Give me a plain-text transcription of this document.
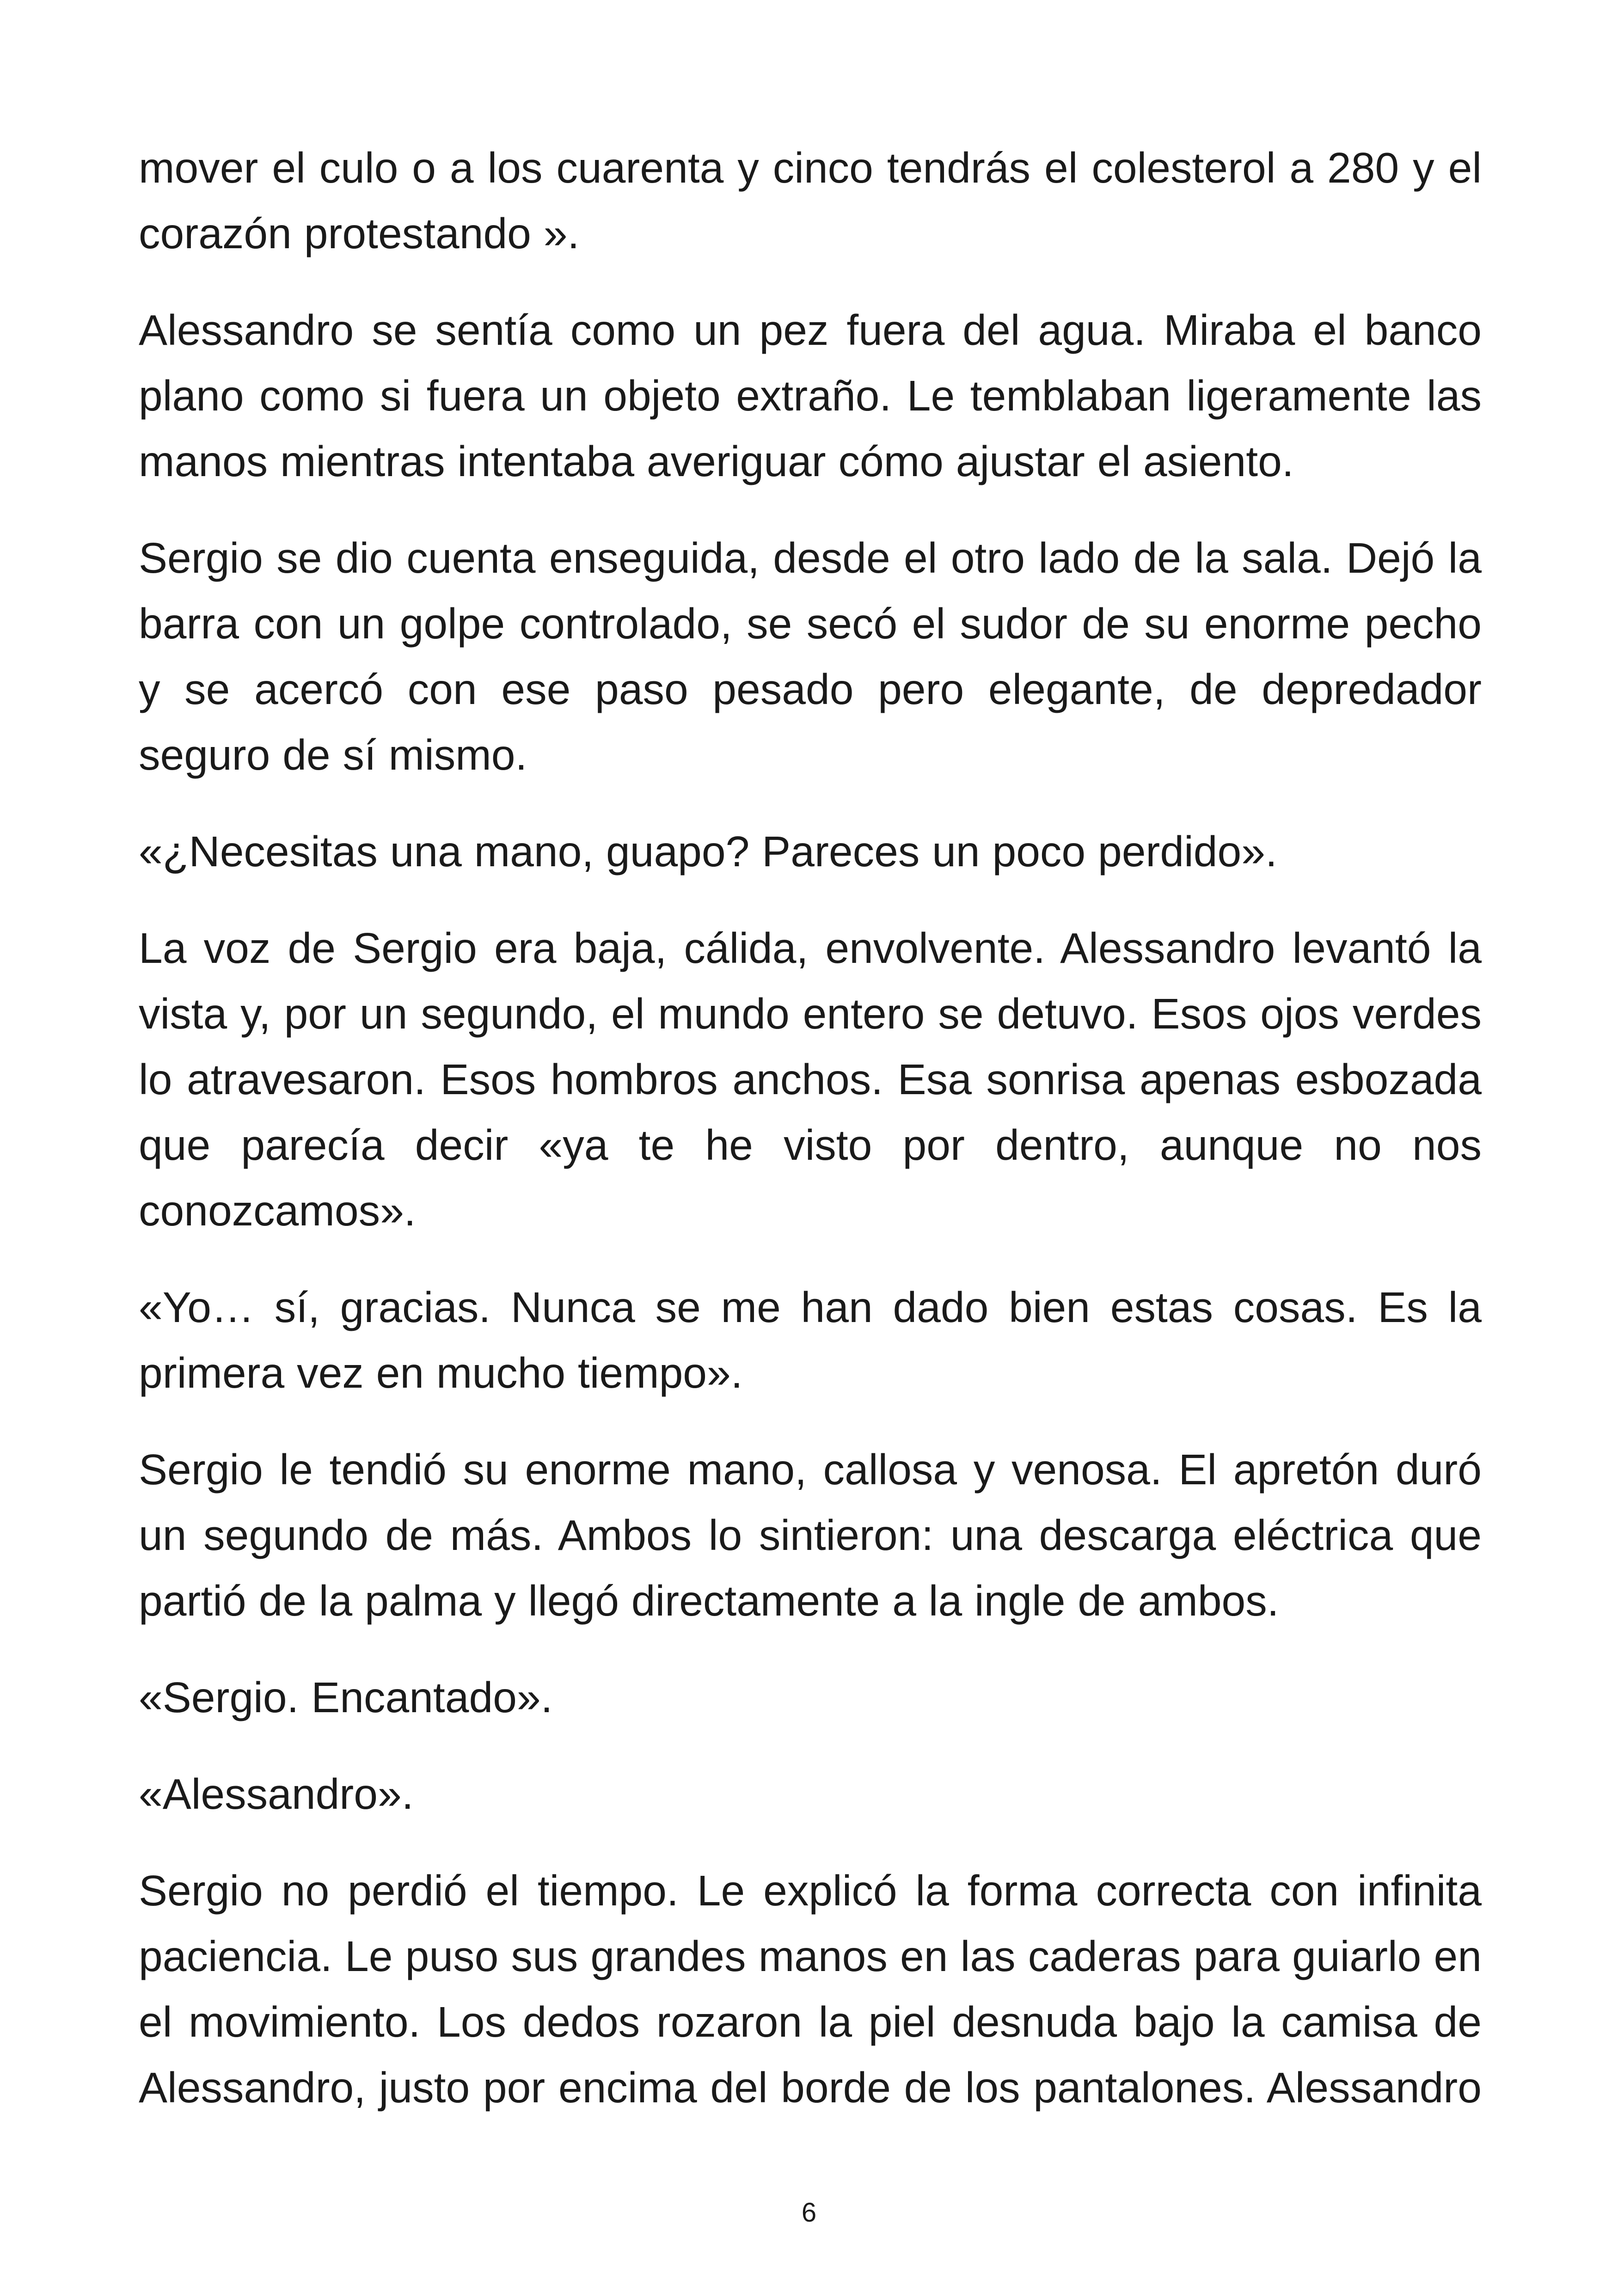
mover el culo o a los cuarenta y cinco tendrás el colesterol a 280 y el corazón protestando ».

Alessandro se sentía como un pez fuera del agua. Miraba el banco plano como si fuera un objeto extraño. Le temblaban ligeramente las manos mientras intentaba averiguar cómo ajustar el asiento.

Sergio se dio cuenta enseguida, desde el otro lado de la sala. Dejó la barra con un golpe controlado, se secó el sudor de su enorme pecho y se acercó con ese paso pesado pero elegante, de depredador seguro de sí mismo.

«¿Necesitas una mano, guapo? Pareces un poco perdido».

La voz de Sergio era baja, cálida, envolvente. Alessandro levantó la vista y, por un segundo, el mundo entero se detuvo. Esos ojos verdes lo atravesaron. Esos hombros anchos. Esa sonrisa apenas esbozada que parecía decir «ya te he visto por dentro, aunque no nos conozcamos».

«Yo… sí, gracias. Nunca se me han dado bien estas cosas. Es la primera vez en mucho tiempo».

Sergio le tendió su enorme mano, callosa y venosa. El apretón duró un segundo de más. Ambos lo sintieron: una descarga eléctrica que partió de la palma y llegó directamente a la ingle de ambos.

«Sergio. Encantado».

«Alessandro».

Sergio no perdió el tiempo. Le explicó la forma correcta con infinita paciencia. Le puso sus grandes manos en las caderas para guiarlo en el movimiento. Los dedos rozaron la piel desnuda bajo la camisa de Alessandro, justo por encima del borde de los pantalones. Alessandro

6
